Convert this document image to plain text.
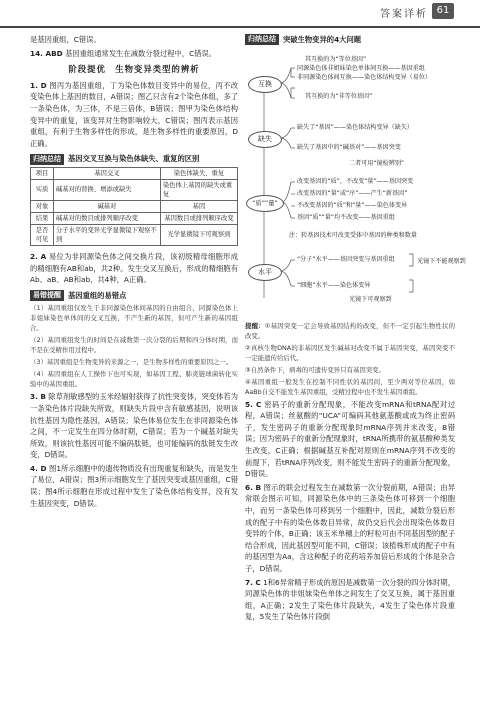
答案详析 61

是基因重组，C错误。

14. ABD 基因重组通常发生在减数分裂过程中，C错误。

阶段提优　生物变异类型的辨析

1. D 图丙为基因重组，丁为染色体数目变异中的易位，丙不改变染色体上基因的数目，A错误；图乙只含有2个染色体组，多了一条染色体，为三体，不是三倍体，B错误；图甲为染色体结构变异中的重复，该变异对生物影响较大，C错误；图丙表示基因重组，有利于生物多样性的形成，是生物多样性的重要原因，D正确。

归纳总结 基因交叉互换与染色体缺失、重复的区别
项目	基因交叉	染色体缺失、重复
实质	碱基对的替换、增添或缺失	染色体上基因的缺失或重复
对象	碱基对	基因
结果	碱基对的数目或排列顺序改变	基因数目或排列顺序改变
是否可见	分子水平的变异光学显微镜下观察不到	光学显微镜下可观察到

2. A 易位为非同源染色体之间交换片段，该初级精母细胞形成的精细胞有AB和ab，共2种。发生交叉互换后，形成的精细胞有Ab、aB、AB和ab，共4种，A正确。

易错提醒 基因重组的易错点

（1）基因重组仅发生于非同源染色体间基因的自由组合、同源染色体上非姐妹染色单体间的交叉互换，不产生新的基因，但可产生新的基因组合。

（2）基因重组发生的时间是在减数第一次分裂的后期和四分体时期，而不是在受精作用过程中。

（3）基因重组是生物变异的来源之一，是生物多样性的重要原因之一。

（4）基因重组在人工操作下也可实现，如基因工程、肺炎链球菌转化实验中的基因重组。

3. B 除草剂敏感型的玉米经辐射获得了抗性突变体，突变体若为一条染色体片段缺失所致，则缺失片段中含有敏感基因，说明该抗性基因为隐性基因，A错误；染色体易位发生在非同源染色体之间，不一定发生在四分体时期，C错误；若为一个碱基对缺失所致，则该抗性基因可能不编码肽链，也可能编码的肽链发生改变，D错误。

4. D 图1所示细胞中的遗传物质没有出现重复和缺失，而是发生了易位，A错误；图3所示细胞发生了基因突变或基因重组，C错误；图4所示细胞在形成过程中发生了染色体结构变异，没有发生基因突变，D错误。

归纳总结 突破生物变异的4大问题
互换
缺失
“质”“量”
水平
其互换的为“等位基因”
同源染色体非姐妹染色单体间互换——基因重组
非同源染色体间互换——染色体结构变异（易位）
其互换的为“非等位基因”
缺失了“基因”——染色体结构变异（缺失）
缺失了基因中的“碱基对”——基因突变
二者可用“镜检辨别”
改变基因的“质”，不改变“量”——基因突变
改变基因的“量”或“序”——产生“新基因”
不改变基因的“质”和“量”——染色体变异
基因“质”“量”均不改变——基因重组
注：转基因技术可改变受体中基因的种类和数量
“分子”水平——基因突变与基因重组	光镜下不能观察到
“细胞”水平——染色体变异
光镜下可观察到

提醒：①基因突变一定会导致基因结构的改变，但不一定引起生物性状的改变。

②真核生物DNA的非基因区发生碱基对改变不属于基因突变，基因突变不一定能遗传给后代。

③自然条件下，病毒的可遗传变异只有基因突变。

④基因重组一般发生在控制不同性状的基因间，至少两对等位基因，如AaBb自交不能发生基因重组，受精过程中也不发生基因重组。

5. C 密码子的重新分配现象，不能改变mRNA和tRNA配对过程，A错误；丝氨酸的“UCA”可编码其他氨基酸或成为终止密码子，发生密码子的重新分配现象时mRNA序列并未改变，B错误；因为密码子的重新分配现象时，tRNA所携带的氨基酸种类发生改变，C正确；根据碱基互补配对原则在mRNA序列不改变的前提下，若tRNA序列改变，则不能发生密码子的重新分配现象，D错误。

6. B 图示的联会过程发生在减数第一次分裂前期，A错误；由异常联会图示可知，同源染色体中的三条染色体可移到一个细胞中，而另一条染色体可移到另一个细胞中，因此，减数分裂后形成的配子中有的染色体数目异常，故仍交后代会出现染色体数目变异的个体，B正确；该玉米单穗上的籽粒可由不同基因型的配子结合形成，因此基因型可能不同，C错误；该植株形成的配子中有的基因型为Aa，含这种配子的花药培养加倍后形成的个体是杂合子，D错误。

7. C 1和6异常精子形成的原因是减数第一次分裂的四分体时期，同源染色体的非姐妹染色单体之间发生了交叉互换，属于基因重组，A正确；2发生了染色体片段缺失，4发生了染色体片段重复，5发生了染色体片段倒
